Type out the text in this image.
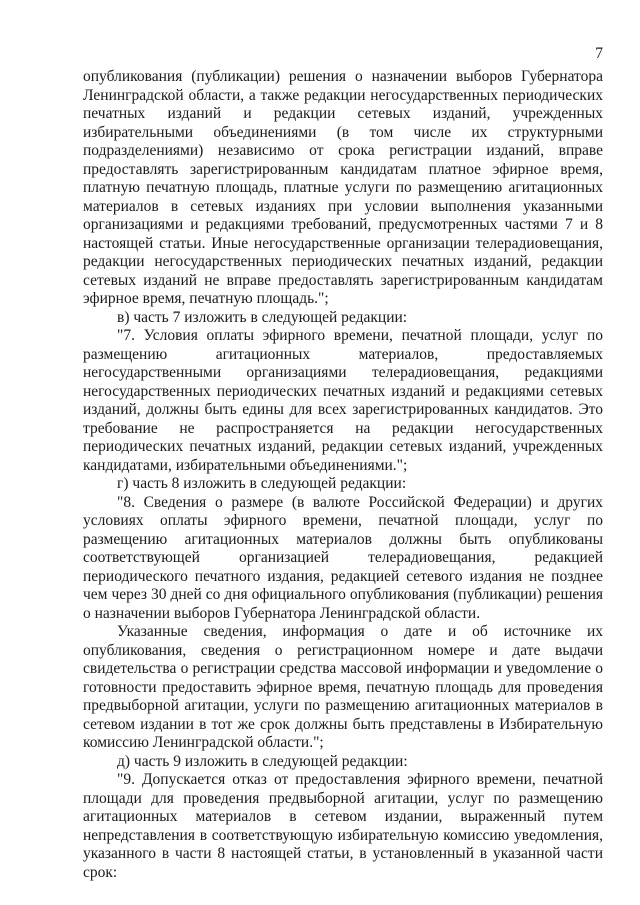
7

опубликования (публикации) решения о назначении выборов Губернатора Ленинградской области, а также редакции негосударственных периодических печатных изданий и редакции сетевых изданий, учрежденных избирательными объединениями (в том числе их структурными подразделениями) независимо от срока регистрации изданий, вправе предоставлять зарегистрированным кандидатам платное эфирное время, платную печатную площадь, платные услуги по размещению агитационных материалов в сетевых изданиях при условии выполнения указанными организациями и редакциями требований, предусмотренных частями 7 и 8 настоящей статьи. Иные негосударственные организации телерадиовещания, редакции негосударственных периодических печатных изданий, редакции сетевых изданий не вправе предоставлять зарегистрированным кандидатам эфирное время, печатную площадь.";

в) часть 7 изложить в следующей редакции:

"7. Условия оплаты эфирного времени, печатной площади, услуг по размещению агитационных материалов, предоставляемых негосударственными организациями телерадиовещания, редакциями негосударственных периодических печатных изданий и редакциями сетевых изданий, должны быть едины для всех зарегистрированных кандидатов. Это требование не распространяется на редакции негосударственных периодических печатных изданий, редакции сетевых изданий, учрежденных кандидатами, избирательными объединениями.";

г) часть 8 изложить в следующей редакции:

"8. Сведения о размере (в валюте Российской Федерации) и других условиях оплаты эфирного времени, печатной площади, услуг по размещению агитационных материалов должны быть опубликованы соответствующей организацией телерадиовещания, редакцией периодического печатного издания, редакцией сетевого издания не позднее чем через 30 дней со дня официального опубликования (публикации) решения о назначении выборов Губернатора Ленинградской области.

Указанные сведения, информация о дате и об источнике их опубликования, сведения о регистрационном номере и дате выдачи свидетельства о регистрации средства массовой информации и уведомление о готовности предоставить эфирное время, печатную площадь для проведения предвыборной агитации, услуги по размещению агитационных материалов в сетевом издании в тот же срок должны быть представлены в Избирательную комиссию Ленинградской области.";

д) часть 9 изложить в следующей редакции:

"9. Допускается отказ от предоставления эфирного времени, печатной площади для проведения предвыборной агитации, услуг по размещению агитационных материалов в сетевом издании, выраженный путем непредставления в соответствующую избирательную комиссию уведомления, указанного в части 8 настоящей статьи, в установленный в указанной части срок:
